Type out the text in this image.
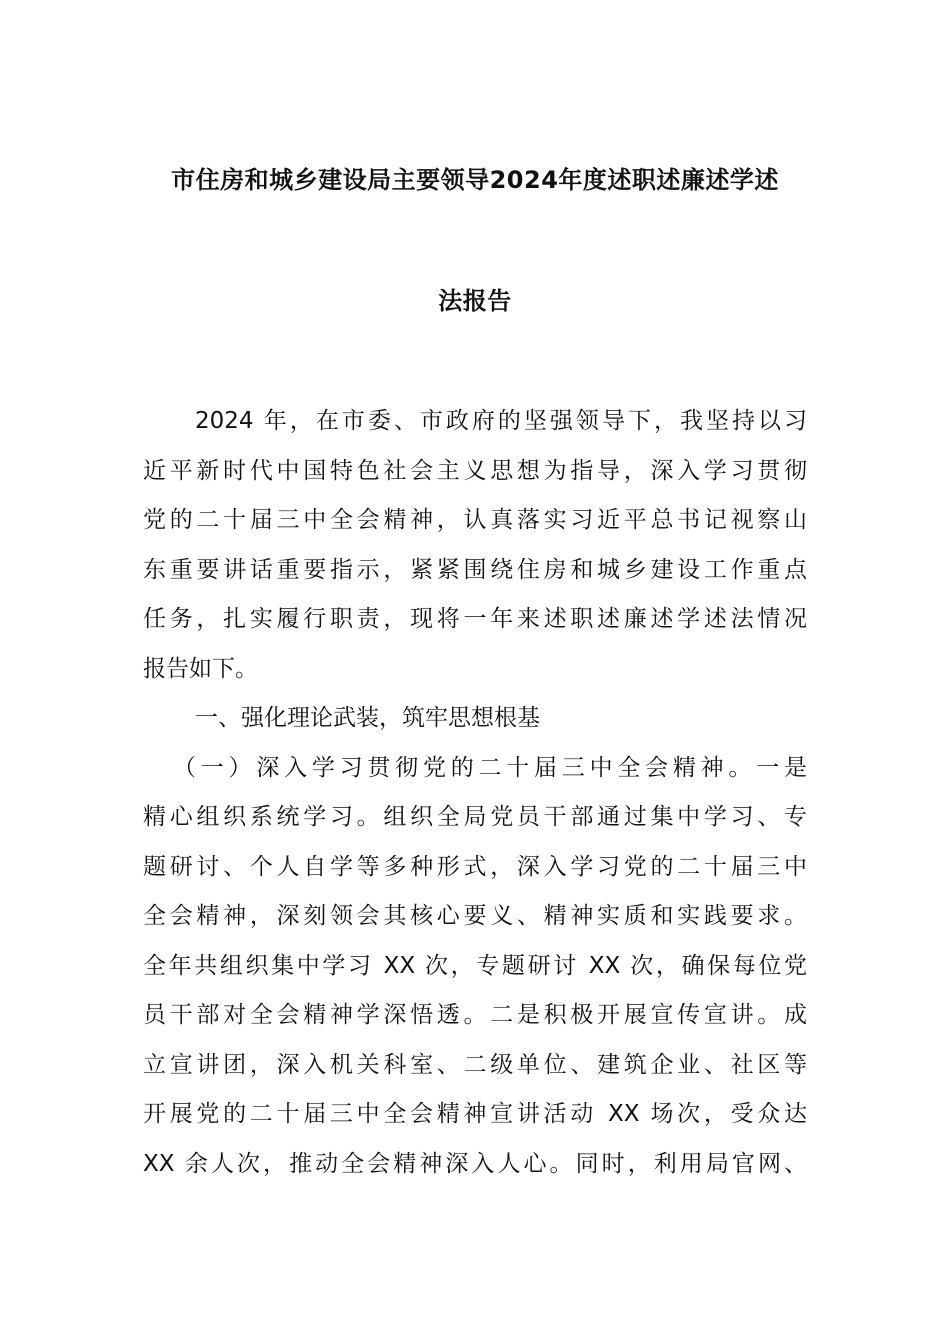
市住房和城乡建设局主要领导2024年度述职述廉述学述
法报告
2024 年，在市委、市政府的坚强领导下，我坚持以习
近平新时代中国特色社会主义思想为指导，深入学习贯彻
党的二十届三中全会精神，认真落实习近平总书记视察山
东重要讲话重要指示，紧紧围绕住房和城乡建设工作重点
任务，扎实履行职责，现将一年来述职述廉述学述法情况
报告如下。
一、强化理论武装，筑牢思想根基
（一）深入学习贯彻党的二十届三中全会精神。一是
精心组织系统学习。组织全局党员干部通过集中学习、专
题研讨、个人自学等多种形式，深入学习党的二十届三中
全会精神，深刻领会其核心要义、精神实质和实践要求。
全年共组织集中学习 XX 次，专题研讨 XX 次，确保每位党
员干部对全会精神学深悟透。二是积极开展宣传宣讲。成
立宣讲团，深入机关科室、二级单位、建筑企业、社区等
开展党的二十届三中全会精神宣讲活动 XX 场次，受众达
XX 余人次，推动全会精神深入人心。同时，利用局官网、
